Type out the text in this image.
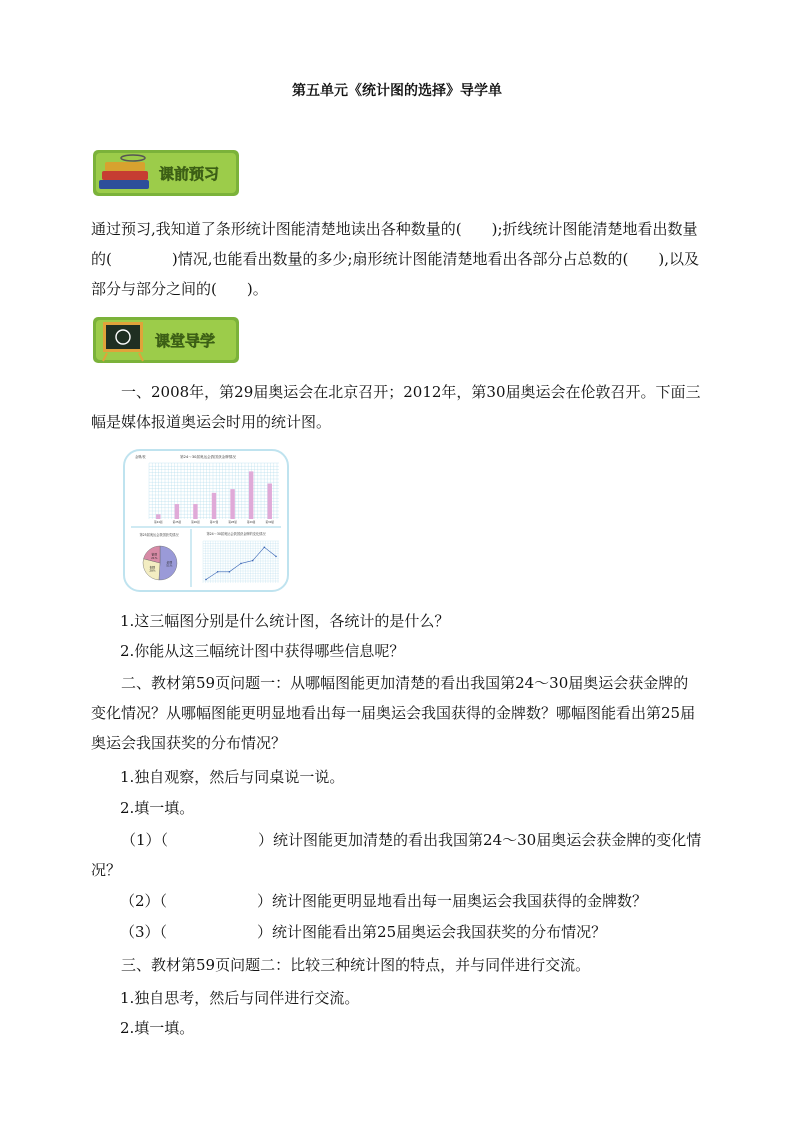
第五单元《统计图的选择》导学单
课前预习

通过预习,我知道了条形统计图能清楚地读出各种数量的(　　);折线统计图能清楚地看出数量的(　　　　)情况,也能看出数量的多少;扇形统计图能清楚地看出各部分占总数的(　　),以及部分与部分之间的(　　)。

课堂导学

一、2008年，第29届奥运会在北京召开；2012年，第30届奥运会在伦敦召开。下面三幅是媒体报道奥运会时用的统计图。

第24～30届奥运会我国获金牌情况
金牌/枚
第24届	第25届	第26届	第27届	第28届	第29届	第30届
金牌
51%
铜牌
28%
银牌
21%
第25届奥运会我国获奖情况	第24～30届奥运会我国获金牌的变化情况

1.这三幅图分别是什么统计图，各统计的是什么？

2.你能从这三幅统计图中获得哪些信息呢？

二、教材第59页问题一：从哪幅图能更加清楚的看出我国第24～30届奥运会获金牌的变化情况？从哪幅图能更明显地看出每一届奥运会我国获得的金牌数？哪幅图能看出第25届奥运会我国获奖的分布情况？

1.独自观察，然后与同桌说一说。

2.填一填。

（1）（　　　　　　）统计图能更加清楚的看出我国第24～30届奥运会获金牌的变化情况？

（2）（　　　　　　）统计图能更明显地看出每一届奥运会我国获得的金牌数？

（3）（　　　　　　）统计图能看出第25届奥运会我国获奖的分布情况？

三、教材第59页问题二：比较三种统计图的特点，并与同伴进行交流。

1.独自思考，然后与同伴进行交流。

2.填一填。
